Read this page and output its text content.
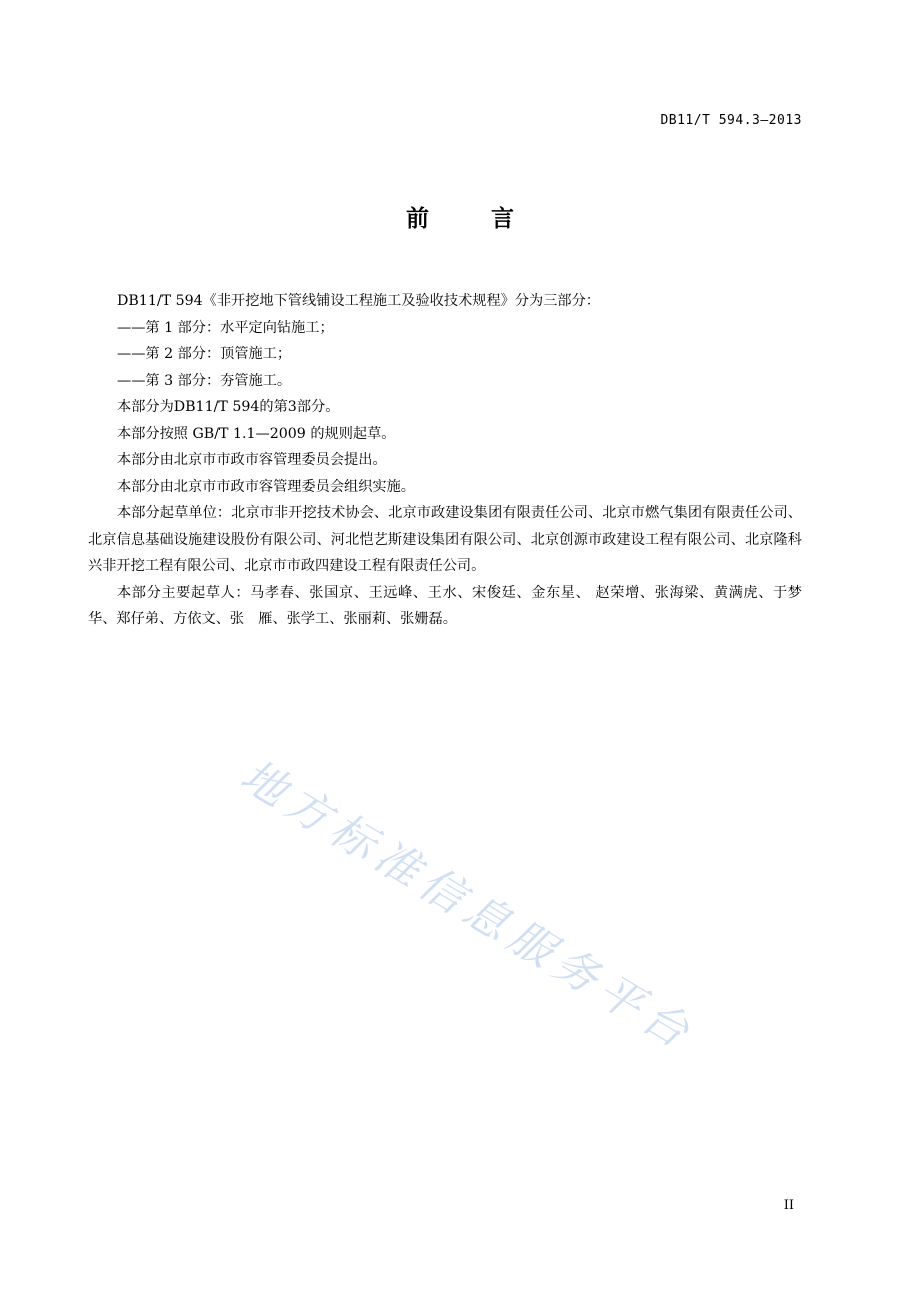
DB11/T 594.3—2013
前	言

DB11/T 594《非开挖地下管线铺设工程施工及验收技术规程》分为三部分：

——第 1 部分：水平定向钻施工；

——第 2 部分：顶管施工；

——第 3 部分：夯管施工。

本部分为DB11/T 594的第3部分。

本部分按照 GB/T 1.1—2009 的规则起草。

本部分由北京市市政市容管理委员会提出。

本部分由北京市市政市容管理委员会组织实施。

本部分起草单位：北京市非开挖技术协会、北京市政建设集团有限责任公司、北京市燃气集团有限责任公司、北京信息基础设施建设股份有限公司、河北恺艺斯建设集团有限公司、北京创源市政建设工程有限公司、北京隆科兴非开挖工程有限公司、北京市市政四建设工程有限责任公司。

本部分主要起草人：马孝春、张国京、王远峰、王水、宋俊廷、金东星、 赵荣增、张海梁、黄满虎、于梦华、郑仔弟、方依文、张　雁、张学工、张丽莉、张姗磊。

地方标准信息服务平台
II
